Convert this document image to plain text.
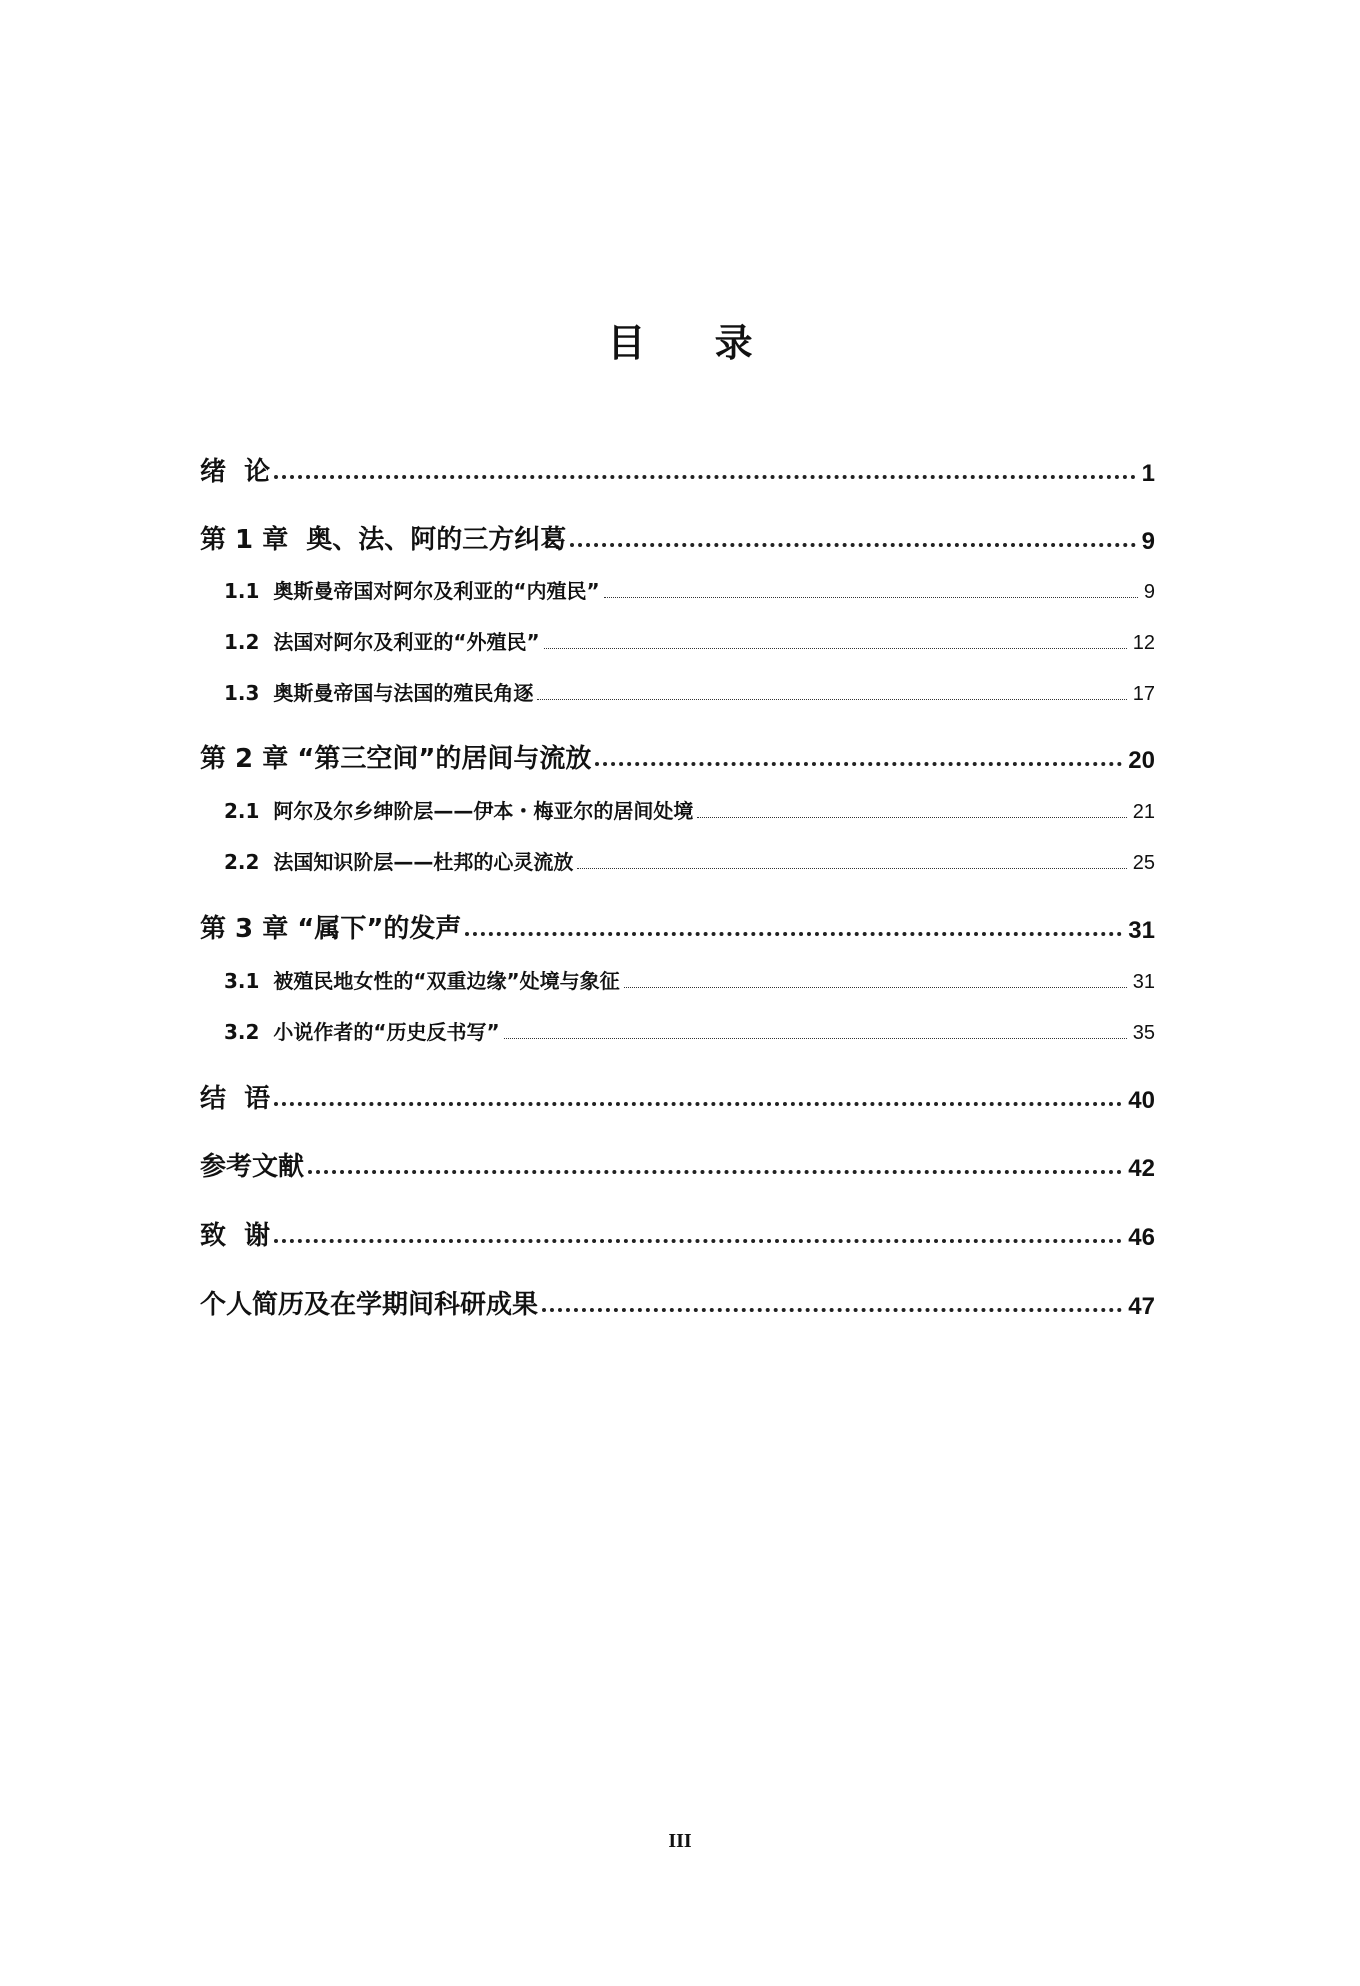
目 录
绪  论	1
第 1 章  奥、法、阿的三方纠葛	9
1.1  奥斯曼帝国对阿尔及利亚的“内殖民”	9
1.2  法国对阿尔及利亚的“外殖民”	12
1.3  奥斯曼帝国与法国的殖民角逐	17
第 2 章 “第三空间”的居间与流放	20
2.1  阿尔及尔乡绅阶层——伊本・梅亚尔的居间处境	21
2.2  法国知识阶层——杜邦的心灵流放	25
第 3 章 “属下”的发声	31
3.1  被殖民地女性的“双重边缘”处境与象征	31
3.2  小说作者的“历史反书写”	35
结  语	40
参考文献	42
致  谢	46
个人简历及在学期间科研成果	47
III
